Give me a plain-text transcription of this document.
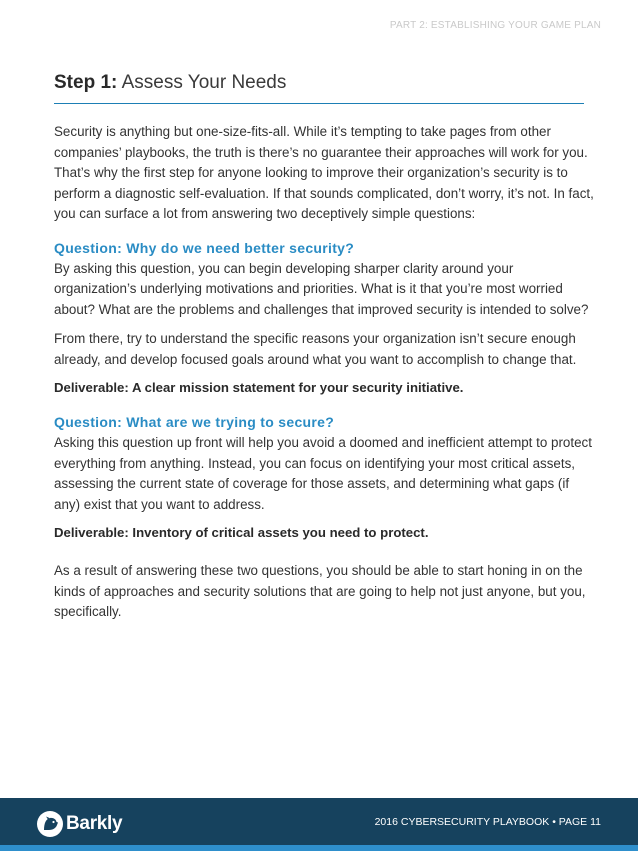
PART 2: ESTABLISHING YOUR GAME PLAN
Step 1: Assess Your Needs

Security is anything but one-size-fits-all. While it’s tempting to take pages from other companies’ playbooks, the truth is there’s no guarantee their approaches will work for you. That’s why the first step for anyone looking to improve their organization’s security is to perform a diagnostic self-evaluation. If that sounds complicated, don’t worry, it’s not. In fact, you can surface a lot from answering two deceptively simple questions:

Question: Why do we need better security?

By asking this question, you can begin developing sharper clarity around your organization’s underlying motivations and priorities. What is it that you’re most worried about? What are the problems and challenges that improved security is intended to solve?

From there, try to understand the specific reasons your organization isn’t secure enough already, and develop focused goals around what you want to accomplish to change that.

Deliverable: A clear mission statement for your security initiative.
Question: What are we trying to secure?

Asking this question up front will help you avoid a doomed and inefficient attempt to protect everything from anything. Instead, you can focus on identifying your most critical assets, assessing the current state of coverage for those assets, and determining what gaps (if any) exist that you want to address.

Deliverable: Inventory of critical assets you need to protect.

As a result of answering these two questions, you should be able to start honing in on the kinds of approaches and security solutions that are going to help not just anyone, but you, specifically.

Barkly	2016 CYBERSECURITY PLAYBOOK • PAGE 11
